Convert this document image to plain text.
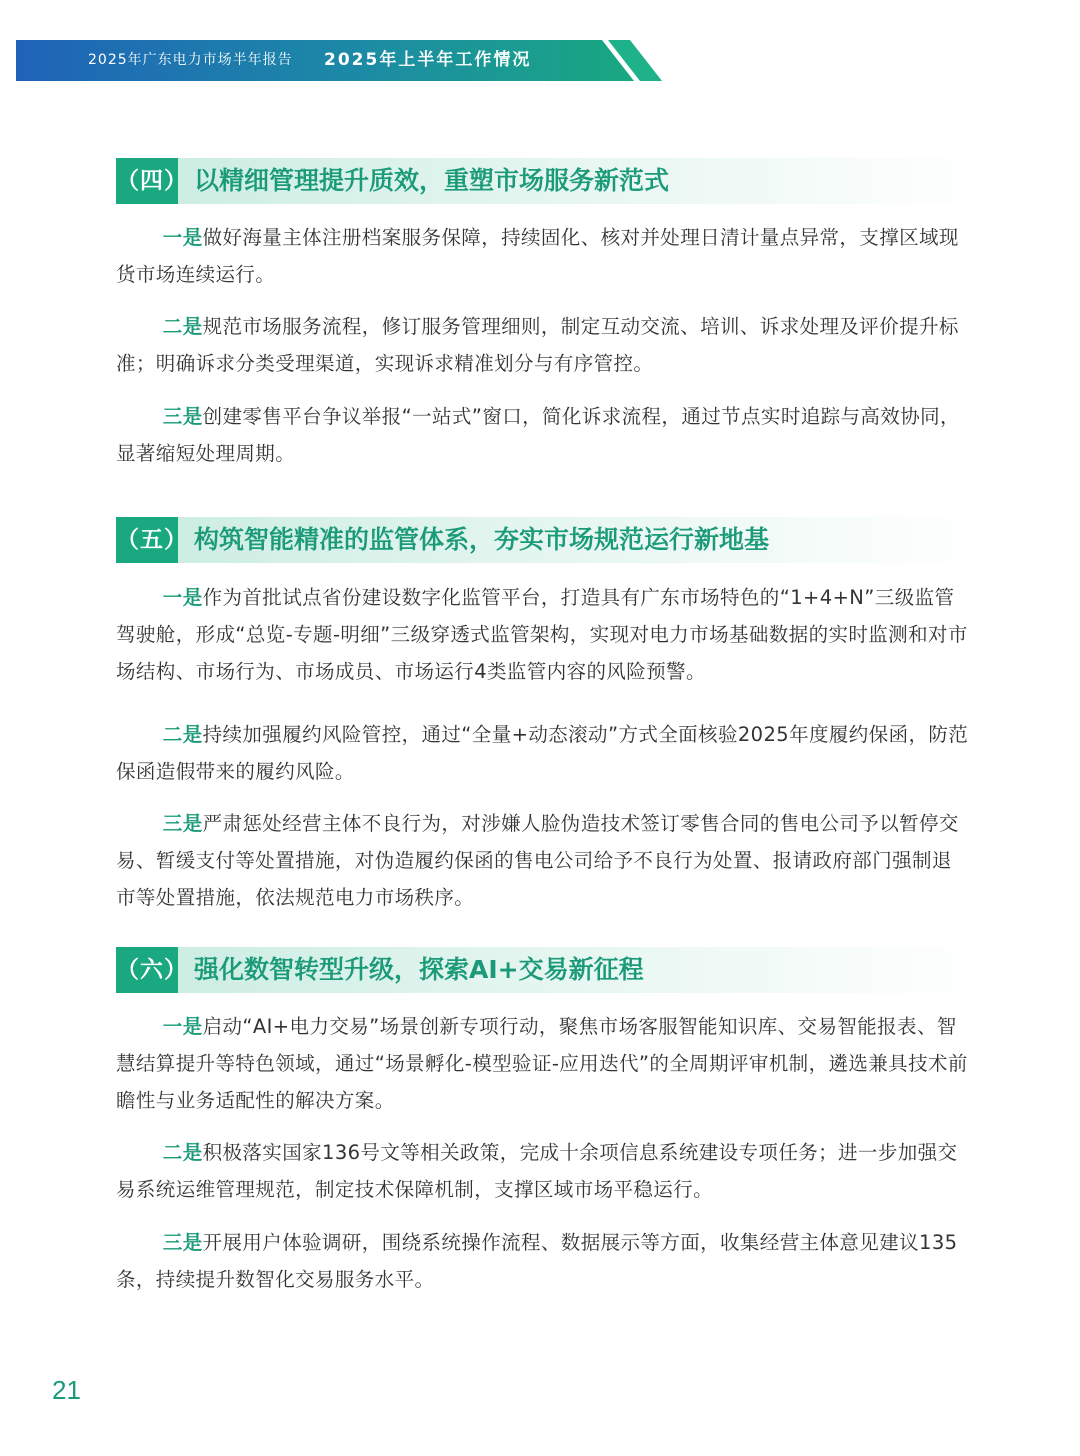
2025年广东电力市场半年报告 2025年上半年工作情况
（四） 以精细管理提升质效，重塑市场服务新范式

一是做好海量主体注册档案服务保障，持续固化、核对并处理日清计量点异常，支撑区域现货市场连续运行。

二是规范市场服务流程，修订服务管理细则，制定互动交流、培训、诉求处理及评价提升标准；明确诉求分类受理渠道，实现诉求精准划分与有序管控。

三是创建零售平台争议举报“一站式”窗口，简化诉求流程，通过节点实时追踪与高效协同，显著缩短处理周期。

（五） 构筑智能精准的监管体系，夯实市场规范运行新地基

一是作为首批试点省份建设数字化监管平台，打造具有广东市场特色的“1+4+N”三级监管驾驶舱，形成“总览-专题-明细”三级穿透式监管架构，实现对电力市场基础数据的实时监测和对市场结构、市场行为、市场成员、市场运行4类监管内容的风险预警。

二是持续加强履约风险管控，通过“全量+动态滚动”方式全面核验2025年度履约保函，防范保函造假带来的履约风险。

三是严肃惩处经营主体不良行为，对涉嫌人脸伪造技术签订零售合同的售电公司予以暂停交易、暂缓支付等处置措施，对伪造履约保函的售电公司给予不良行为处置、报请政府部门强制退市等处置措施，依法规范电力市场秩序。

（六） 强化数智转型升级，探索AI+交易新征程

一是启动“AI+电力交易”场景创新专项行动，聚焦市场客服智能知识库、交易智能报表、智慧结算提升等特色领域，通过“场景孵化-模型验证-应用迭代”的全周期评审机制，遴选兼具技术前瞻性与业务适配性的解决方案。

二是积极落实国家136号文等相关政策，完成十余项信息系统建设专项任务；进一步加强交易系统运维管理规范，制定技术保障机制，支撑区域市场平稳运行。

三是开展用户体验调研，围绕系统操作流程、数据展示等方面，收集经营主体意见建议135条，持续提升数智化交易服务水平。

21
